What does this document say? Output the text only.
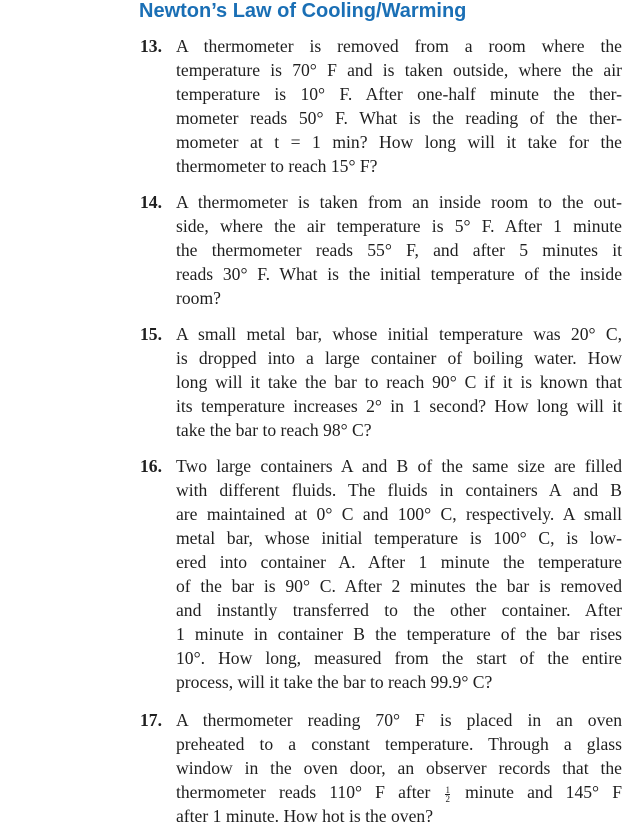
Newton’s Law of Cooling/Warming
13. A thermometer is removed from a room where the
temperature is 70° F and is taken outside, where the air
temperature is 10° F. After one-half minute the ther-
mometer reads 50° F. What is the reading of the ther-
mometer at t = 1 min? How long will it take for the
thermometer to reach 15° F?
14. A thermometer is taken from an inside room to the out-
side, where the air temperature is 5° F. After 1 minute
the thermometer reads 55° F, and after 5 minutes it
reads 30° F. What is the initial temperature of the inside
room?
15. A small metal bar, whose initial temperature was 20° C,
is dropped into a large container of boiling water. How
long will it take the bar to reach 90° C if it is known that
its temperature increases 2° in 1 second? How long will it
take the bar to reach 98° C?
16. Two large containers A and B of the same size are filled
with different fluids. The fluids in containers A and B
are maintained at 0° C and 100° C, respectively. A small
metal bar, whose initial temperature is 100° C, is low-
ered into container A. After 1 minute the temperature
of the bar is 90° C. After 2 minutes the bar is removed
and instantly transferred to the other container. After
1 minute in container B the temperature of the bar rises
10°. How long, measured from the start of the entire
process, will it take the bar to reach 99.9° C?
17. A thermometer reading 70° F is placed in an oven
preheated to a constant temperature. Through a glass
window in the oven door, an observer records that the
thermometer reads 110° F after $\frac{1}{2}$ minute and 145° F
after 1 minute. How hot is the oven?
